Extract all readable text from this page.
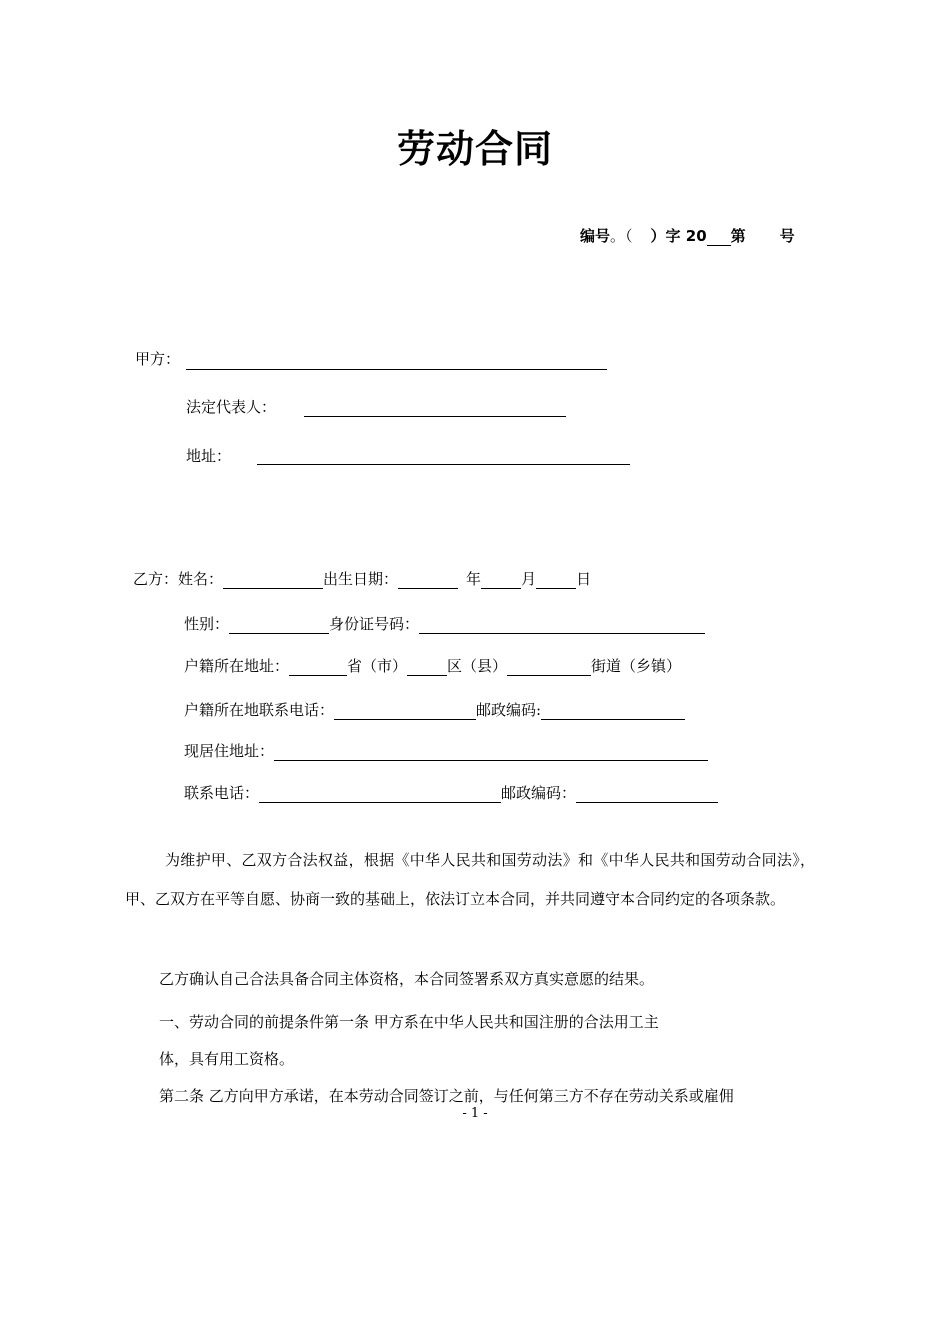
劳动合同
编号。（ ）字 20 第 号
甲方：
法定代表人：
地址：
乙方：姓名：	出生日期：	年	月	日
性别：	身份证号码：
户籍所在地址：	省（市）	区（县）	街道（乡镇）
户籍所在地联系电话：	邮政编码:
现居住地址：
联系电话：	邮政编码：
为维护甲、乙双方合法权益，根据《中华人民共和国劳动法》和《中华人民共和国劳动合同法》，甲、乙双方在平等自愿、协商一致的基础上，依法订立本合同，并共同遵守本合同约定的各项条款。
乙方确认自己合法具备合同主体资格，本合同签署系双方真实意愿的结果。
一、劳动合同的前提条件第一条 甲方系在中华人民共和国注册的合法用工主
体，具有用工资格。
第二条 乙方向甲方承诺，在本劳动合同签订之前，与任何第三方不存在劳动关系或雇佣
- 1 -
